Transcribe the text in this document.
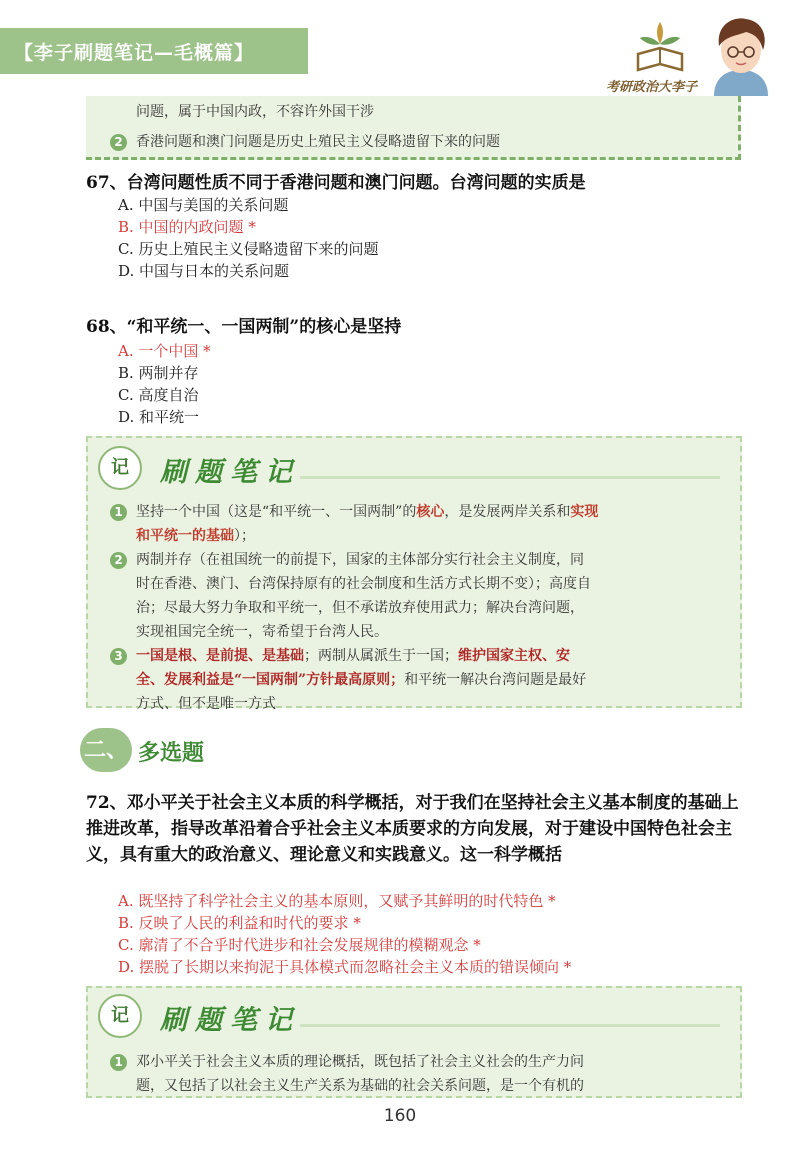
【李子刷题笔记—毛概篇】
考研政治大李子
问题，属于中国内政，不容许外国干涉
2 香港问题和澳门问题是历史上殖民主义侵略遗留下来的问题
67、台湾问题性质不同于香港问题和澳门问题。台湾问题的实质是
A. 中国与美国的关系问题
B. 中国的内政问题 *
C. 历史上殖民主义侵略遗留下来的问题
D. 中国与日本的关系问题
68、“和平统一、一国两制”的核心是坚持
A. 一个中国 *
B. 两制并存
C. 高度自治
D. 和平统一
记	刷题笔记
1 坚持一个中国（这是“和平统一、一国两制”的核心，是发展两岸关系和实现
和平统一的基础）；
2 两制并存（在祖国统一的前提下，国家的主体部分实行社会主义制度，同
时在香港、澳门、台湾保持原有的社会制度和生活方式长期不变）；高度自
治；尽最大努力争取和平统一，但不承诺放弃使用武力；解决台湾问题，
实现祖国完全统一，寄希望于台湾人民。
3 一国是根、是前提、是基础；两制从属派生于一国；维护国家主权、安
全、发展利益是“一国两制”方针最高原则；和平统一解决台湾问题是最好
方式、但不是唯一方式
二、 多选题
72、邓小平关于社会主义本质的科学概括，对于我们在坚持社会主义基本制度的基础上推进改革，指导改革沿着合乎社会主义本质要求的方向发展，对于建设中国特色社会主义，具有重大的政治意义、理论意义和实践意义。这一科学概括
A. 既坚持了科学社会主义的基本原则，又赋予其鲜明的时代特色 *
B. 反映了人民的利益和时代的要求 *
C. 廓清了不合乎时代进步和社会发展规律的模糊观念 *
D. 摆脱了长期以来拘泥于具体模式而忽略社会主义本质的错误倾向 *
记	刷题笔记
1 邓小平关于社会主义本质的理论概括，既包括了社会主义社会的生产力问
题，又包括了以社会主义生产关系为基础的社会关系问题，是一个有机的
160
